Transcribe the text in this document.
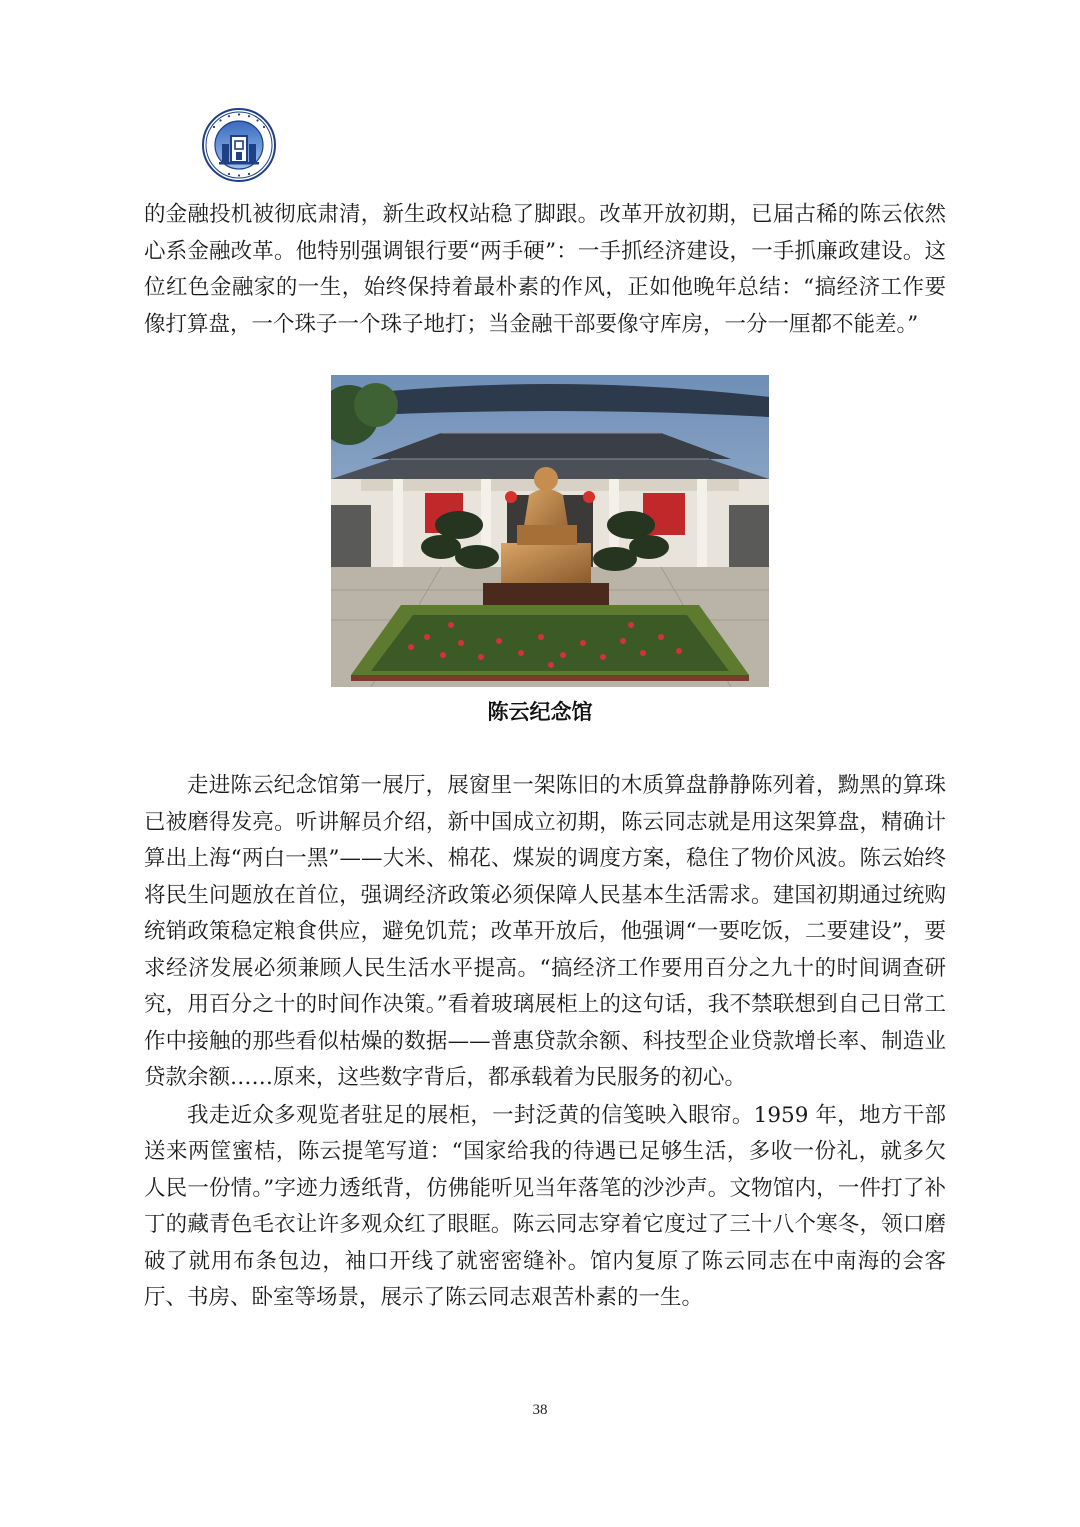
的金融投机被彻底肃清，新生政权站稳了脚跟。改革开放初期，已届古稀的陈云依然心系金融改革。他特别强调银行要“两手硬”：一手抓经济建设，一手抓廉政建设。这位红色金融家的一生，始终保持着最朴素的作风，正如他晚年总结：“搞经济工作要像打算盘，一个珠子一个珠子地打；当金融干部要像守库房，一分一厘都不能差。”

陈云纪念馆

走进陈云纪念馆第一展厅，展窗里一架陈旧的木质算盘静静陈列着，黝黑的算珠已被磨得发亮。听讲解员介绍，新中国成立初期，陈云同志就是用这架算盘，精确计算出上海“两白一黑”——大米、棉花、煤炭的调度方案，稳住了物价风波。陈云始终将民生问题放在首位，强调经济政策必须保障人民基本生活需求。建国初期通过统购统销政策稳定粮食供应，避免饥荒；改革开放后，他强调“一要吃饭，二要建设”，要求经济发展必须兼顾人民生活水平提高。“搞经济工作要用百分之九十的时间调查研究，用百分之十的时间作决策。”看着玻璃展柜上的这句话，我不禁联想到自己日常工作中接触的那些看似枯燥的数据——普惠贷款余额、科技型企业贷款增长率、制造业贷款余额……原来，这些数字背后，都承载着为民服务的初心。

我走近众多观览者驻足的展柜，一封泛黄的信笺映入眼帘。1959 年，地方干部送来两筐蜜桔，陈云提笔写道：“国家给我的待遇已足够生活，多收一份礼，就多欠人民一份情。”字迹力透纸背，仿佛能听见当年落笔的沙沙声。文物馆内，一件打了补丁的藏青色毛衣让许多观众红了眼眶。陈云同志穿着它度过了三十八个寒冬，领口磨破了就用布条包边，袖口开线了就密密缝补。馆内复原了陈云同志在中南海的会客厅、书房、卧室等场景，展示了陈云同志艰苦朴素的一生。

38
